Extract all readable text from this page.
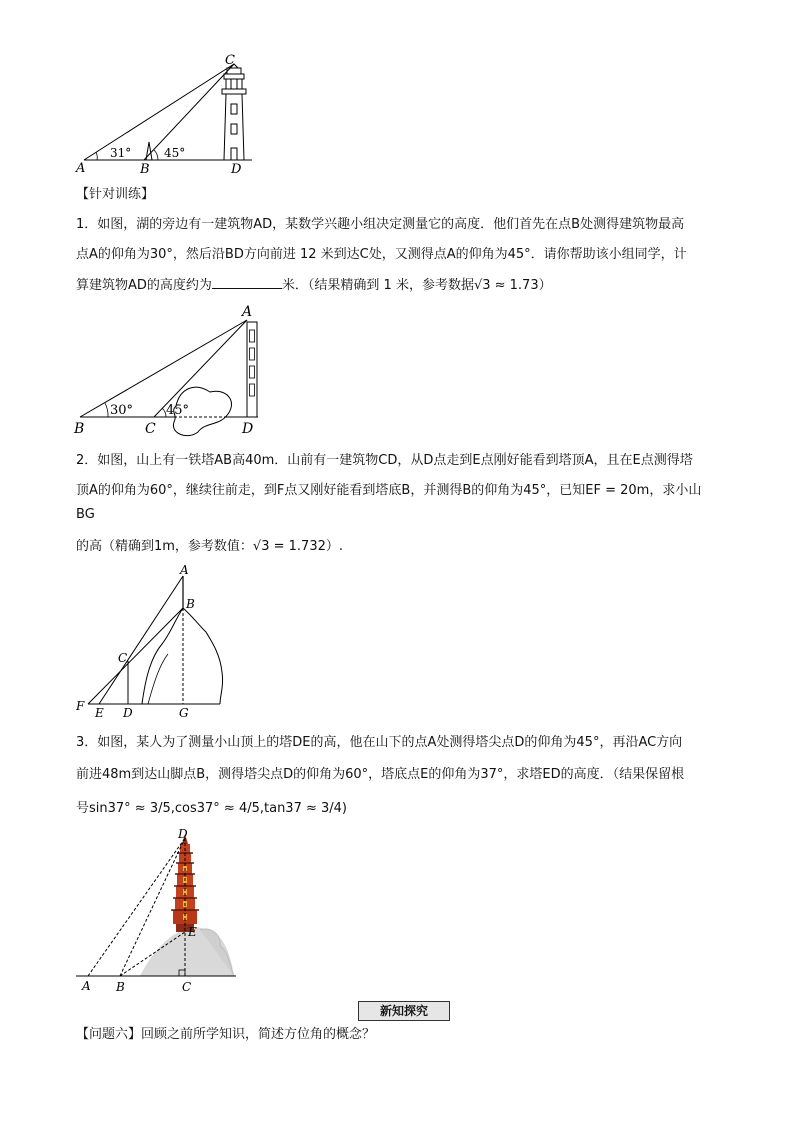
C
A	B	D
31°	45°
【针对训练】
1．如图，湖的旁边有一建筑物AD，某数学兴趣小组决定测量它的高度．他们首先在点B处测得建筑物最高
点A的仰角为30°，然后沿BD方向前进 12 米到达C处，又测得点A的仰角为45°．请你帮助该小组同学，计
算建筑物AD的高度约为	米．（结果精确到 1 米，参考数据√3 ≈ 1.73）
A
B	C	D
30°	45°
2．如图，山上有一铁塔AB高40m．山前有一建筑物CD，从D点走到E点刚好能看到塔顶A，且在E点测得塔
顶A的仰角为60°，继续往前走，到F点又刚好能看到塔底B，并测得B的仰角为45°，已知EF = 20m，求小山
BG
的高（精确到1m，参考数值：√3 = 1.732）.
A
B
C
D
E
F	G
3．如图，某人为了测量小山顶上的塔DE的高，他在山下的点A处测得塔尖点D的仰角为45°，再沿AC方向
前进48m到达山脚点B，测得塔尖点D的仰角为60°，塔底点E的仰角为37°，求塔ED的高度．（结果保留根
号sin37° ≈ 3/5,cos37° ≈ 4/5,tan37 ≈ 3/4)
D
E
A B	C
新知探究
【问题六】回顾之前所学知识，简述方位角的概念？
